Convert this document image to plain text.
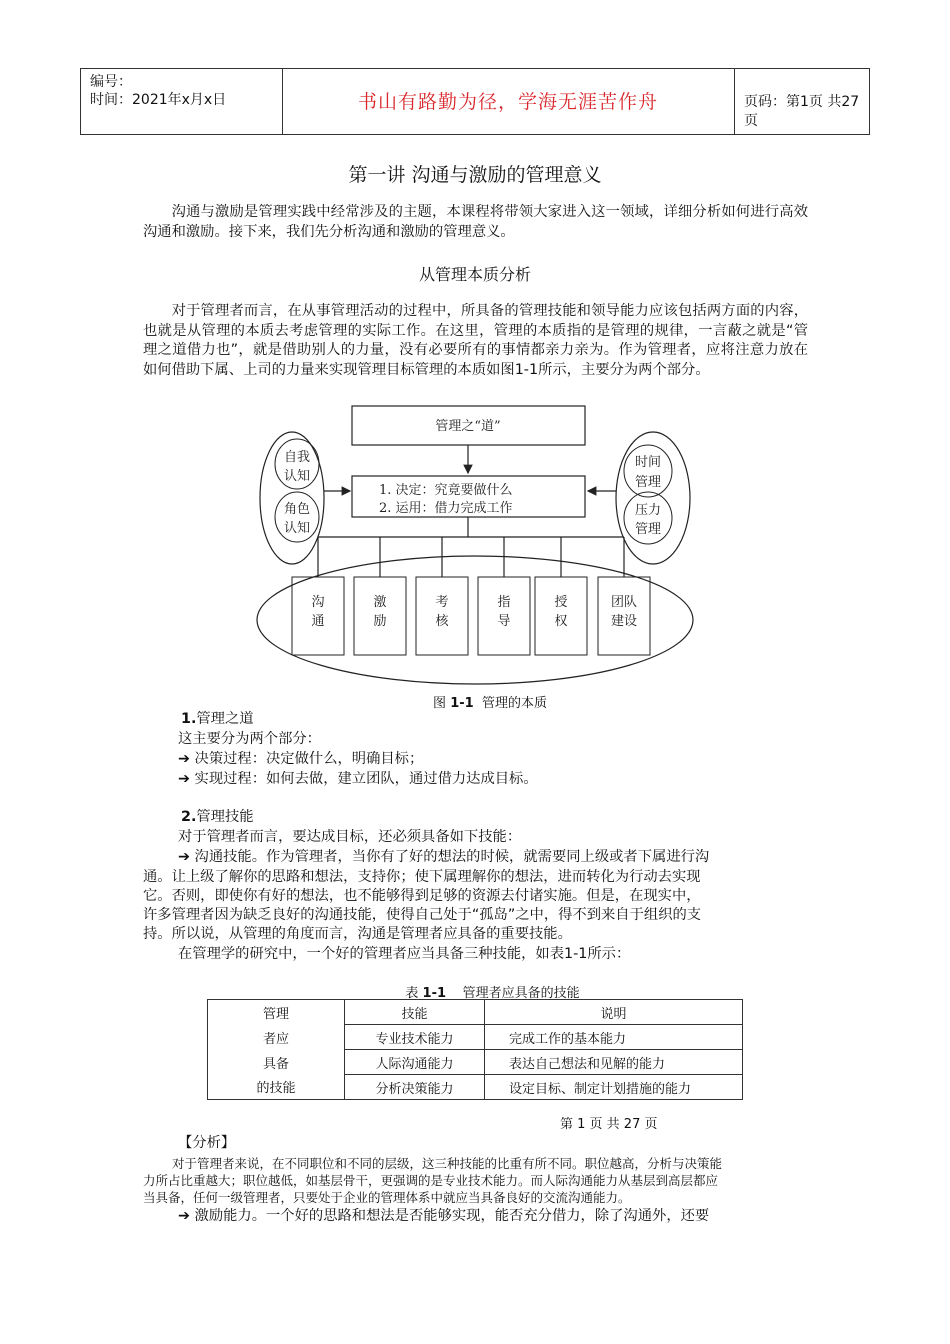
编号：
时间：2021年x月x日	书山有路勤为径，学海无涯苦作舟	页码：第1页 共27页
第一讲 沟通与激励的管理意义
沟通与激励是管理实践中经常涉及的主题，本课程将带领大家进入这一领域，详细分析如何进行高效沟通和激励。接下来，我们先分析沟通和激励的管理意义。
从管理本质分析
对于管理者而言，在从事管理活动的过程中，所具备的管理技能和领导能力应该包括两方面的内容，也就是从管理的本质去考虑管理的实际工作。在这里，管理的本质指的是管理的规律，一言蔽之就是“管理之道借力也”，就是借助别人的力量，没有必要所有的事情都亲力亲为。作为管理者，应将注意力放在如何借助下属、上司的力量来实现管理目标管理的本质如图1-1所示，主要分为两个部分。
管理之“道”
自我
认知
角色
认知
时间
管理
压力
管理
1. 决定：究竟要做什么
2. 运用：借力完成工作
沟
通
激
励
考
核
指
导
授
权
团队
建设
图 1-1 管理的本质
1.管理之道
这主要分为两个部分：
➔ 决策过程：决定做什么，明确目标；
➔ 实现过程：如何去做，建立团队，通过借力达成目标。
2.管理技能
对于管理者而言，要达成目标，还必须具备如下技能：
➔ 沟通技能。作为管理者，当你有了好的想法的时候，就需要同上级或者下属进行沟
通。让上级了解你的思路和想法，支持你；使下属理解你的想法，进而转化为行动去实现
它。否则，即使你有好的想法，也不能够得到足够的资源去付诸实施。但是，在现实中，
许多管理者因为缺乏良好的沟通技能，使得自己处于“孤岛”之中，得不到来自于组织的支
持。所以说，从管理的角度而言，沟通是管理者应具备的重要技能。
在管理学的研究中，一个好的管理者应当具备三种技能，如表1-1所示：
表 1-1 管理者应具备的技能
管理	技能	说明
者应	专业技术能力	完成工作的基本能力
具备	人际沟通能力	表达自己想法和见解的能力
的技能	分析决策能力	设定目标、制定计划措施的能力
第 1 页 共 27 页
【分析】
对于管理者来说，在不同职位和不同的层级，这三种技能的比重有所不同。职位越高，分析与决策能
力所占比重越大；职位越低，如基层骨干，更强调的是专业技术能力。而人际沟通能力从基层到高层都应
当具备，任何一级管理者，只要处于企业的管理体系中就应当具备良好的交流沟通能力。
➔ 激励能力。一个好的思路和想法是否能够实现，能否充分借力，除了沟通外，还要
